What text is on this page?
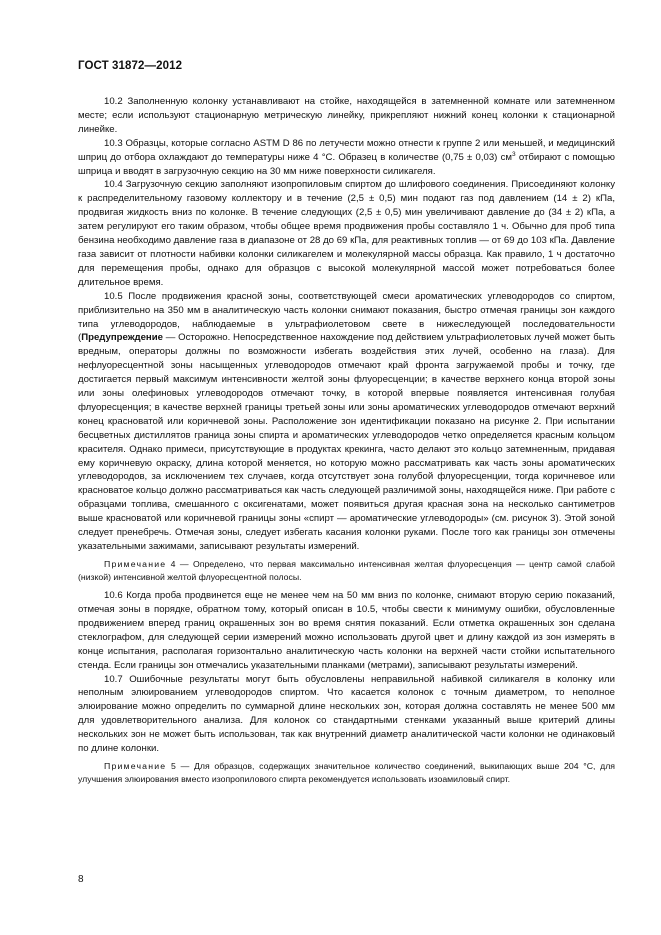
ГОСТ 31872—2012

10.2 Заполненную колонку устанавливают на стойке, находящейся в затемненной комнате или затемненном месте; если используют стационарную метрическую линейку, прикрепляют нижний конец колонки к стационарной линейке.

10.3 Образцы, которые согласно ASTM D 86 по летучести можно отнести к группе 2 или меньшей, и медицинский шприц до отбора охлаждают до температуры ниже 4 °С. Образец в количестве (0,75 ± 0,03) $см^3$ отбирают с помощью шприца и вводят в загрузочную секцию на 30 мм ниже поверхности силикагеля.

10.4 Загрузочную секцию заполняют изопропиловым спиртом до шлифового соединения. Присоединяют колонку к распределительному газовому коллектору и в течение (2,5 ± 0,5) мин подают газ под давлением (14 ± 2) кПа, продвигая жидкость вниз по колонке. В течение следующих (2,5 ± 0,5) мин увеличивают давление до (34 ± 2) кПа, а затем регулируют его таким образом, чтобы общее время продвижения пробы составляло 1 ч. Обычно для проб типа бензина необходимо давление газа в диапазоне от 28 до 69 кПа, для реактивных топлив — от 69 до 103 кПа. Давление газа зависит от плотности набивки колонки силикагелем и молекулярной массы образца. Как правило, 1 ч достаточно для перемещения пробы, однако для образцов с высокой молекулярной массой может потребоваться более длительное время.

10.5 После продвижения красной зоны, соответствующей смеси ароматических углеводородов со спиртом, приблизительно на 350 мм в аналитическую часть колонки снимают показания, быстро отмечая границы зон каждого типа углеводородов, наблюдаемые в ультрафиолетовом свете в нижеследующей последовательности (Предупреждение — Осторожно. Непосредственное нахождение под действием ультрафиолетовых лучей может быть вредным, операторы должны по возможности избегать воздействия этих лучей, особенно на глаза). Для нефлуоресцентной зоны насыщенных углеводородов отмечают край фронта загружаемой пробы и точку, где достигается первый максимум интенсивности желтой зоны флуоресценции; в качестве верхнего конца второй зоны или зоны олефиновых углеводородов отмечают точку, в которой впервые появляется интенсивная голубая флуоресценция; в качестве верхней границы третьей зоны или зоны ароматических углеводородов отмечают верхний конец красноватой или коричневой зоны. Расположение зон идентификации показано на рисунке 2. При испытании бесцветных дистиллятов граница зоны спирта и ароматических углеводородов четко определяется красным кольцом красителя. Однако примеси, присутствующие в продуктах крекинга, часто делают это кольцо затемненным, придавая ему коричневую окраску, длина которой меняется, но которую можно рассматривать как часть зоны ароматических углеводородов, за исключением тех случаев, когда отсутствует зона голубой флуоресценции, тогда коричневое или красноватое кольцо должно рассматриваться как часть следующей различимой зоны, находящейся ниже. При работе с образцами топлива, смешанного с оксигенатами, может появиться другая красная зона на несколько сантиметров выше красноватой или коричневой границы зоны «спирт — ароматические углеводороды» (см. рисунок 3). Этой зоной следует пренебречь. Отмечая зоны, следует избегать касания колонки руками. После того как границы зон отмечены указательными зажимами, записывают результаты измерений.

Примечание 4 — Определено, что первая максимально интенсивная желтая флуоресценция — центр самой слабой (низкой) интенсивной желтой флуоресцентной полосы.

10.6 Когда проба продвинется еще не менее чем на 50 мм вниз по колонке, снимают вторую серию показаний, отмечая зоны в порядке, обратном тому, который описан в 10.5, чтобы свести к минимуму ошибки, обусловленные продвижением вперед границ окрашенных зон во время снятия показаний. Если отметка окрашенных зон сделана стеклографом, для следующей серии измерений можно использовать другой цвет и длину каждой из зон измерять в конце испытания, располагая горизонтально аналитическую часть колонки на верхней части стойки испытательного стенда. Если границы зон отмечались указательными планками (метрами), записывают результаты измерений.

10.7 Ошибочные результаты могут быть обусловлены неправильной набивкой силикагеля в колонку или неполным элюированием углеводородов спиртом. Что касается колонок с точным диаметром, то неполное элюирование можно определить по суммарной длине нескольких зон, которая должна составлять не менее 500 мм для удовлетворительного анализа. Для колонок со стандартными стенками указанный выше критерий длины нескольких зон не может быть использован, так как внутренний диаметр аналитической части колонки не одинаковый по длине колонки.

Примечание 5 — Для образцов, содержащих значительное количество соединений, выкипающих выше 204 °С, для улучшения элюирования вместо изопропилового спирта рекомендуется использовать изоамиловый спирт.

8
